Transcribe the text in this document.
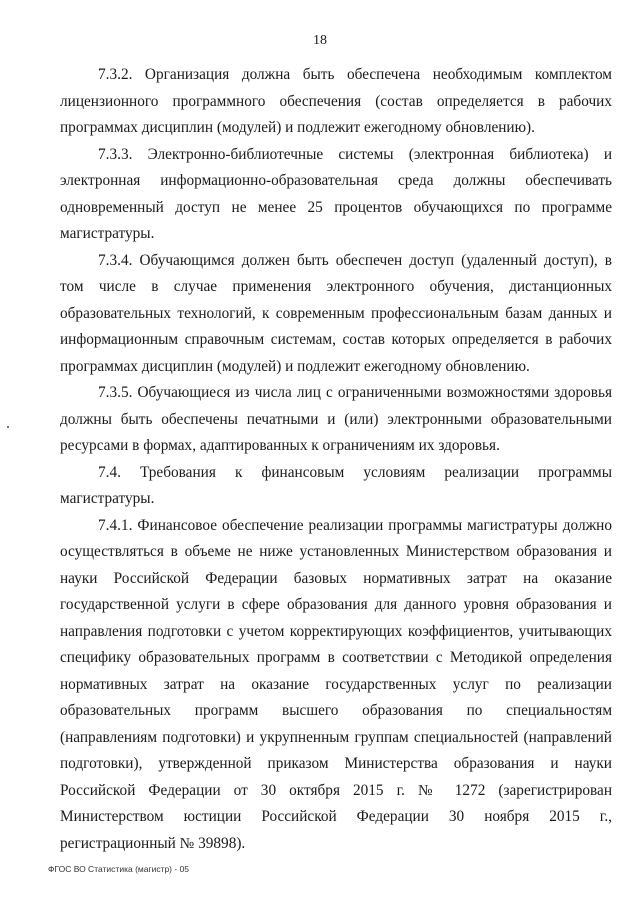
18

7.3.2. Организация должна быть обеспечена необходимым комплектом лицензионного программного обеспечения (состав определяется в рабочих программах дисциплин (модулей) и подлежит ежегодному обновлению).

7.3.3. Электронно-библиотечные системы (электронная библиотека) и электронная информационно-образовательная среда должны обеспечивать одновременный доступ не менее 25 процентов обучающихся по программе магистратуры.

7.3.4. Обучающимся должен быть обеспечен доступ (удаленный доступ), в том числе в случае применения электронного обучения, дистанционных образовательных технологий, к современным профессиональным базам данных и информационным справочным системам, состав которых определяется в рабочих программах дисциплин (модулей) и подлежит ежегодному обновлению.

7.3.5. Обучающиеся из числа лиц с ограниченными возможностями здоровья должны быть обеспечены печатными и (или) электронными образовательными ресурсами в формах, адаптированных к ограничениям их здоровья.

7.4. Требования к финансовым условиям реализации программы магистратуры.

7.4.1. Финансовое обеспечение реализации программы магистратуры должно осуществляться в объеме не ниже установленных Министерством образования и науки Российской Федерации базовых нормативных затрат на оказание государственной услуги в сфере образования для данного уровня образования и направления подготовки с учетом корректирующих коэффициентов, учитывающих специфику образовательных программ в соответствии с Методикой определения нормативных затрат на оказание государственных услуг по реализации образовательных программ высшего образования по специальностям (направлениям подготовки) и укрупненным группам специальностей (направлений подготовки), утвержденной приказом Министерства образования и науки Российской Федерации от 30 октября 2015 г. № 1272 (зарегистрирован Министерством юстиции Российской Федерации 30 ноября 2015 г., регистрационный № 39898).

ФГОС ВО Статистика (магистр) - 05
